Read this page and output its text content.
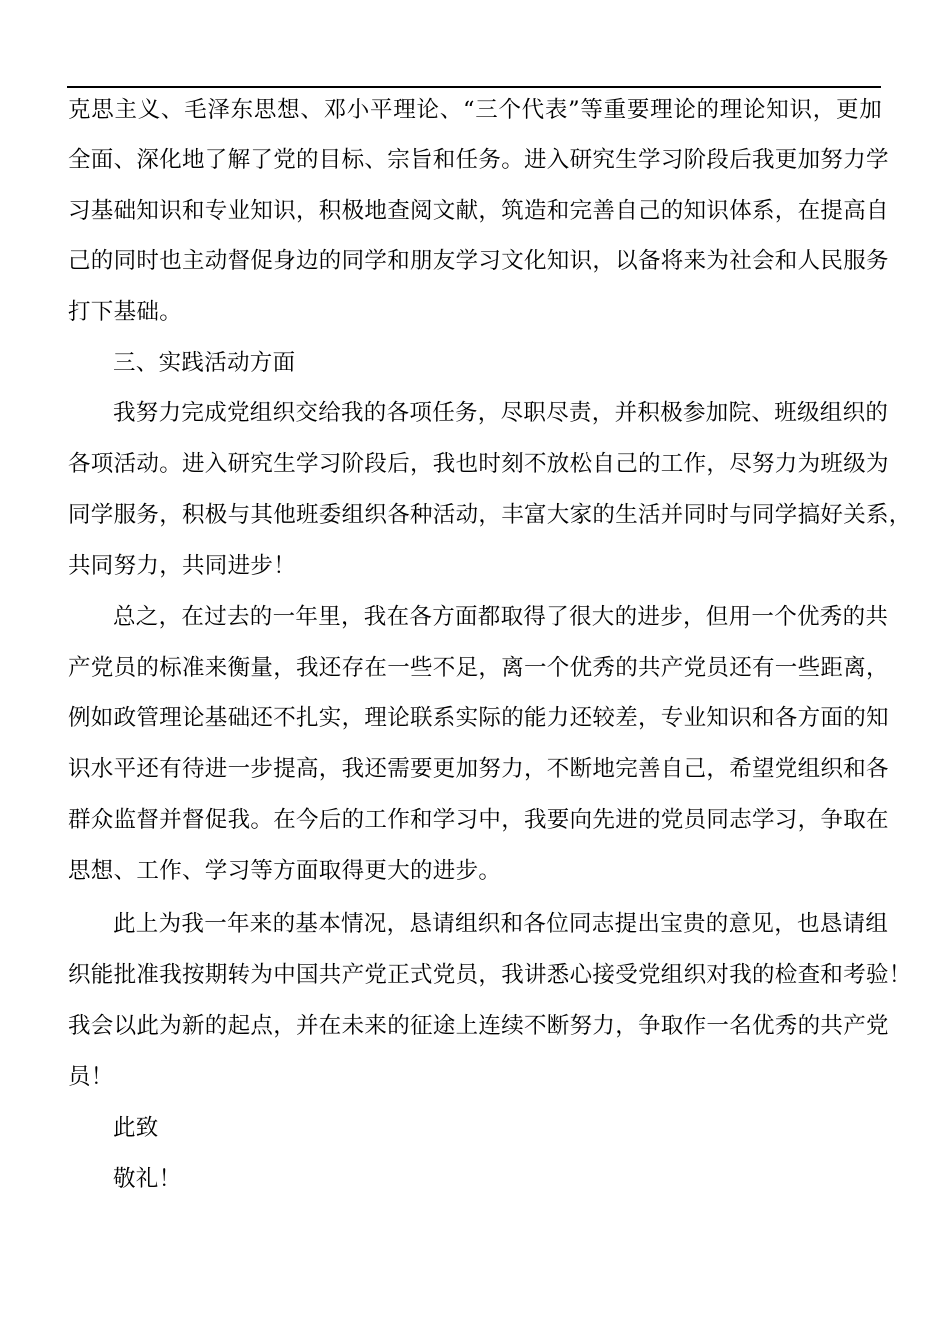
克思主义、毛泽东思想、邓小平理论、“三个代表”等重要理论的理论知识，更加
全面、深化地了解了党的目标、宗旨和任务。进入研究生学习阶段后我更加努力学
习基础知识和专业知识，积极地查阅文献，筑造和完善自己的知识体系，在提高自
己的同时也主动督促身边的同学和朋友学习文化知识，以备将来为社会和人民服务
打下基础。
三、实践活动方面
我努力完成党组织交给我的各项任务，尽职尽责，并积极参加院、班级组织的
各项活动。进入研究生学习阶段后，我也时刻不放松自己的工作，尽努力为班级为
同学服务，积极与其他班委组织各种活动，丰富大家的生活并同时与同学搞好关系，
共同努力，共同进步！
总之，在过去的一年里，我在各方面都取得了很大的进步，但用一个优秀的共
产党员的标准来衡量，我还存在一些不足，离一个优秀的共产党员还有一些距离，
例如政管理论基础还不扎实，理论联系实际的能力还较差，专业知识和各方面的知
识水平还有待进一步提高，我还需要更加努力，不断地完善自己，希望党组织和各
群众监督并督促我。在今后的工作和学习中，我要向先进的党员同志学习，争取在
思想、工作、学习等方面取得更大的进步。
此上为我一年来的基本情况，恳请组织和各位同志提出宝贵的意见，也恳请组
织能批准我按期转为中国共产党正式党员，我讲悉心接受党组织对我的检查和考验！
我会以此为新的起点，并在未来的征途上连续不断努力，争取作一名优秀的共产党
员！
此致
敬礼！
